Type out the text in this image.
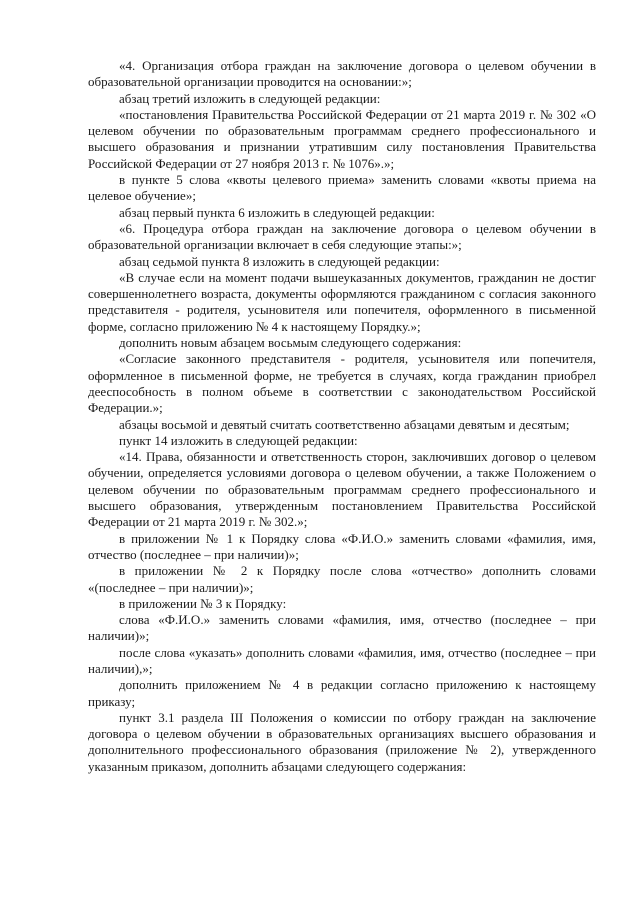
«4. Организация отбора граждан на заключение договора о целевом обучении в образовательной организации проводится на основании:»;

абзац третий изложить в следующей редакции:

«постановления Правительства Российской Федерации от 21 марта 2019 г. № 302 «О целевом обучении по образовательным программам среднего профессионального и высшего образования и признании утратившим силу постановления Правительства Российской Федерации от 27 ноября 2013 г. № 1076».»;

в пункте 5 слова «квоты целевого приема» заменить словами «квоты приема на целевое обучение»;

абзац первый пункта 6 изложить в следующей редакции:

«6. Процедура отбора граждан на заключение договора о целевом обучении в образовательной организации включает в себя следующие этапы:»;

абзац седьмой пункта 8 изложить в следующей редакции:

«В случае если на момент подачи вышеуказанных документов, гражданин не достиг совершеннолетнего возраста, документы оформляются гражданином с согласия законного представителя - родителя, усыновителя или попечителя, оформленного в письменной форме, согласно приложению № 4 к настоящему Порядку.»;

дополнить новым абзацем восьмым следующего содержания:

«Согласие законного представителя - родителя, усыновителя или попечителя, оформленное в письменной форме, не требуется в случаях, когда гражданин приобрел дееспособность в полном объеме в соответствии с законодательством Российской Федерации.»;

абзацы восьмой и девятый считать соответственно абзацами девятым и десятым;

пункт 14 изложить в следующей редакции:

«14. Права, обязанности и ответственность сторон, заключивших договор о целевом обучении, определяется условиями договора о целевом обучении, а также Положением о целевом обучении по образовательным программам среднего профессионального и высшего образования, утвержденным постановлением Правительства Российской Федерации от 21 марта 2019 г. № 302.»;

в приложении № 1 к Порядку слова «Ф.И.О.» заменить словами «фамилия, имя, отчество (последнее – при наличии)»;

в приложении № 2 к Порядку после слова «отчество» дополнить словами «(последнее – при наличии)»;

в приложении № 3 к Порядку:

слова «Ф.И.О.» заменить словами «фамилия, имя, отчество (последнее – при наличии)»;

после слова «указать» дополнить словами «фамилия, имя, отчество (последнее – при наличии),»;

дополнить приложением № 4 в редакции согласно приложению к настоящему приказу;

пункт 3.1 раздела III Положения о комиссии по отбору граждан на заключение договора о целевом обучении в образовательных организациях высшего образования и дополнительного профессионального образования (приложение № 2), утвержденного указанным приказом, дополнить абзацами следующего содержания:
